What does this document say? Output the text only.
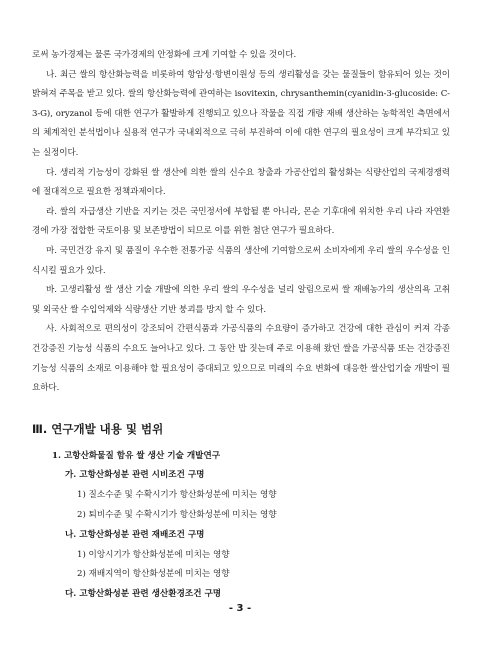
로써 농가경제는 물론 국가경제의 안정화에 크게 기여할 수 있을 것이다.

나. 최근 쌀의 항산화능력을 비롯하여 항암성·항변이원성 등의 생리활성을 갖는 물질들이 함유되어 있는 것이 밝혀져 주목을 받고 있다. 쌀의 항산화능력에 관여하는 isovitexin, chrysanthemin(cyanidin-3-glucoside: C-3-G), oryzanol 등에 대한 연구가 활발하게 진행되고 있으나 작물을 직접 개량 재배 생산하는 농학적인 측면에서의 체계적인 분석법이나 실용적 연구가 국내외적으로 극히 부진하여 이에 대한 연구의 필요성이 크게 부각되고 있는 실정이다.

다. 생리적 기능성이 강화된 쌀 생산에 의한 쌀의 신수요 창출과 가공산업의 활성화는 식량산업의 국제경쟁력에 절대적으로 필요한 정책과제이다.

라. 쌀의 자급생산 기반을 지키는 것은 국민정서에 부합될 뿐 아니라, 몬순 기후대에 위치한 우리 나라 자연환경에 가장 접합한 국토이용 및 보존방법이 되므로 이를 위한 첨단 연구가 필요하다.

마. 국민건강 유지 및 품질이 우수한 전통가공 식품의 생산에 기여함으로써 소비자에게 우리 쌀의 우수성을 인식시킬 필요가 있다.

바. 고생리활성 쌀 생산 기술 개발에 의한 우리 쌀의 우수성을 널리 알림으로써 쌀 재배농가의 생산의욕 고취 및 외국산 쌀 수입억제와 식량생산 기반 붕괴를 방지 할 수 있다.

사. 사회적으로 편의성이 강조되어 간편식품과 가공식품의 수요량이 증가하고 건강에 대한 관심이 커져 각종 건강증진 기능성 식품의 수요도 늘어나고 있다. 그 동안 밥 짓는데 주로 이용해 왔던 쌀을 가공식품 또는 건강증진 기능성 식품의 소재로 이용해야 할 필요성이 증대되고 있으므로 미래의 수요 변화에 대응한 쌀산업기술 개발이 필요하다.

Ⅲ. 연구개발 내용 및 범위
1. 고항산화물질 함유 쌀 생산 기술 개발연구
가. 고항산화성분 관련 시비조건 구명
1) 질소수준 및 수확시기가 항산화성분에 미치는 영향
2) 퇴비수준 및 수확시기가 항산화성분에 미치는 영향
나. 고항산화성분 관련 재배조건 구명
1) 이앙시기가 항산화성분에 미치는 영향
2) 재배지역이 항산화성분에 미치는 영향
다. 고항산화성분 관련 생산환경조건 구명
- 3 -
